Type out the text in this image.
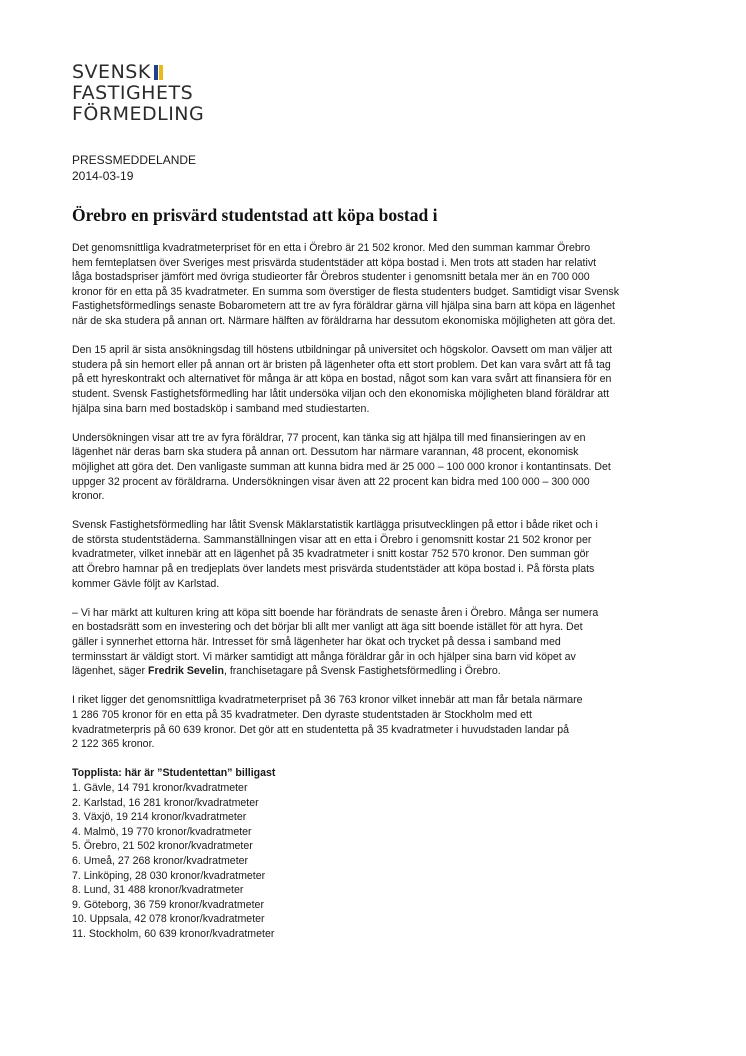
SVENSK
FASTIGHETS
FÖRMEDLING
PRESSMEDDELANDE
2014-03-19
Örebro en prisvärd studentstad att köpa bostad i

Det genomsnittliga kvadratmeterpriset för en etta i Örebro är 21 502 kronor. Med den summan kammar Örebro
hem femteplatsen över Sveriges mest prisvärda studentstäder att köpa bostad i. Men trots att staden har relativt
låga bostadspriser jämfört med övriga studieorter får Örebros studenter i genomsnitt betala mer än en 700 000
kronor för en etta på 35 kvadratmeter. En summa som överstiger de flesta studenters budget. Samtidigt visar Svensk
Fastighetsförmedlings senaste Bobarometern att tre av fyra föräldrar gärna vill hjälpa sina barn att köpa en lägenhet
när de ska studera på annan ort. Närmare hälften av föräldrarna har dessutom ekonomiska möjligheten att göra det.

Den 15 april är sista ansökningsdag till höstens utbildningar på universitet och högskolor. Oavsett om man väljer att
studera på sin hemort eller på annan ort är bristen på lägenheter ofta ett stort problem. Det kan vara svårt att få tag
på ett hyreskontrakt och alternativet för många är att köpa en bostad, något som kan vara svårt att finansiera för en
student. Svensk Fastighetsförmedling har låtit undersöka viljan och den ekonomiska möjligheten bland föräldrar att
hjälpa sina barn med bostadsköp i samband med studiestarten.

Undersökningen visar att tre av fyra föräldrar, 77 procent, kan tänka sig att hjälpa till med finansieringen av en
lägenhet när deras barn ska studera på annan ort. Dessutom har närmare varannan, 48 procent, ekonomisk
möjlighet att göra det. Den vanligaste summan att kunna bidra med är 25 000 – 100 000 kronor i kontantinsats. Det
uppger 32 procent av föräldrarna. Undersökningen visar även att 22 procent kan bidra med 100 000 – 300 000
kronor.

Svensk Fastighetsförmedling har låtit Svensk Mäklarstatistik kartlägga prisutvecklingen på ettor i både riket och i
de största studentstäderna. Sammanställningen visar att en etta i Örebro i genomsnitt kostar 21 502 kronor per
kvadratmeter, vilket innebär att en lägenhet på 35 kvadratmeter i snitt kostar 752 570 kronor. Den summan gör
att Örebro hamnar på en tredjeplats över landets mest prisvärda studentstäder att köpa bostad i. På första plats
kommer Gävle följt av Karlstad.

– Vi har märkt att kulturen kring att köpa sitt boende har förändrats de senaste åren i Örebro. Många ser numera
en bostadsrätt som en investering och det börjar bli allt mer vanligt att äga sitt boende istället för att hyra. Det
gäller i synnerhet ettorna här. Intresset för små lägenheter har ökat och trycket på dessa i samband med
terminsstart är väldigt stort. Vi märker samtidigt att många föräldrar går in och hjälper sina barn vid köpet av
lägenhet, säger Fredrik Sevelin, franchisetagare på Svensk Fastighetsförmedling i Örebro.

I riket ligger det genomsnittliga kvadratmeterpriset på 36 763 kronor vilket innebär att man får betala närmare
1 286 705 kronor för en etta på 35 kvadratmeter. Den dyraste studentstaden är Stockholm med ett
kvadratmeterpris på 60 639 kronor. Det gör att en studentetta på 35 kvadratmeter i huvudstaden landar på
2 122 365 kronor.

Topplista: här är ”Studentettan” billigast
1. Gävle, 14 791 kronor/kvadratmeter
2. Karlstad, 16 281 kronor/kvadratmeter
3. Växjö, 19 214 kronor/kvadratmeter
4. Malmö, 19 770 kronor/kvadratmeter
5. Örebro, 21 502 kronor/kvadratmeter
6. Umeå, 27 268 kronor/kvadratmeter
7. Linköping, 28 030 kronor/kvadratmeter
8. Lund, 31 488 kronor/kvadratmeter
9. Göteborg, 36 759 kronor/kvadratmeter
10. Uppsala, 42 078 kronor/kvadratmeter
11. Stockholm, 60 639 kronor/kvadratmeter
